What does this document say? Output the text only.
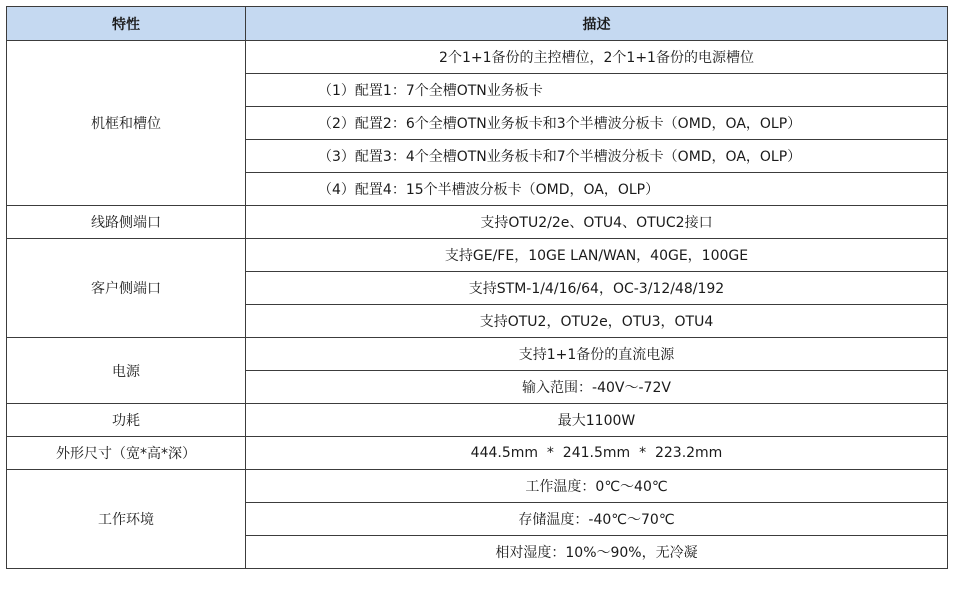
特性	描述
机框和槽位	2个1+1备份的主控槽位，2个1+1备份的电源槽位
	（1）配置1：7个全槽OTN业务板卡
	（2）配置2：6个全槽OTN业务板卡和3个半槽波分板卡（OMD，OA，OLP）
	（3）配置3：4个全槽OTN业务板卡和7个半槽波分板卡（OMD，OA，OLP）
	（4）配置4：15个半槽波分板卡（OMD，OA，OLP）
线路侧端口	支持OTU2/2e、OTU4、OTUC2接口
客户侧端口	支持GE/FE，10GE LAN/WAN，40GE，100GE
	支持STM-1/4/16/64，OC-3/12/48/192
	支持OTU2，OTU2e，OTU3，OTU4
电源	支持1+1备份的直流电源
	输入范围：-40V～-72V
功耗	最大1100W
外形尺寸（宽*高*深）	444.5mm  *  241.5mm  *  223.2mm
工作环境	工作温度：0℃～40℃
	存储温度：-40℃～70℃
	相对湿度：10%～90%，无冷凝
